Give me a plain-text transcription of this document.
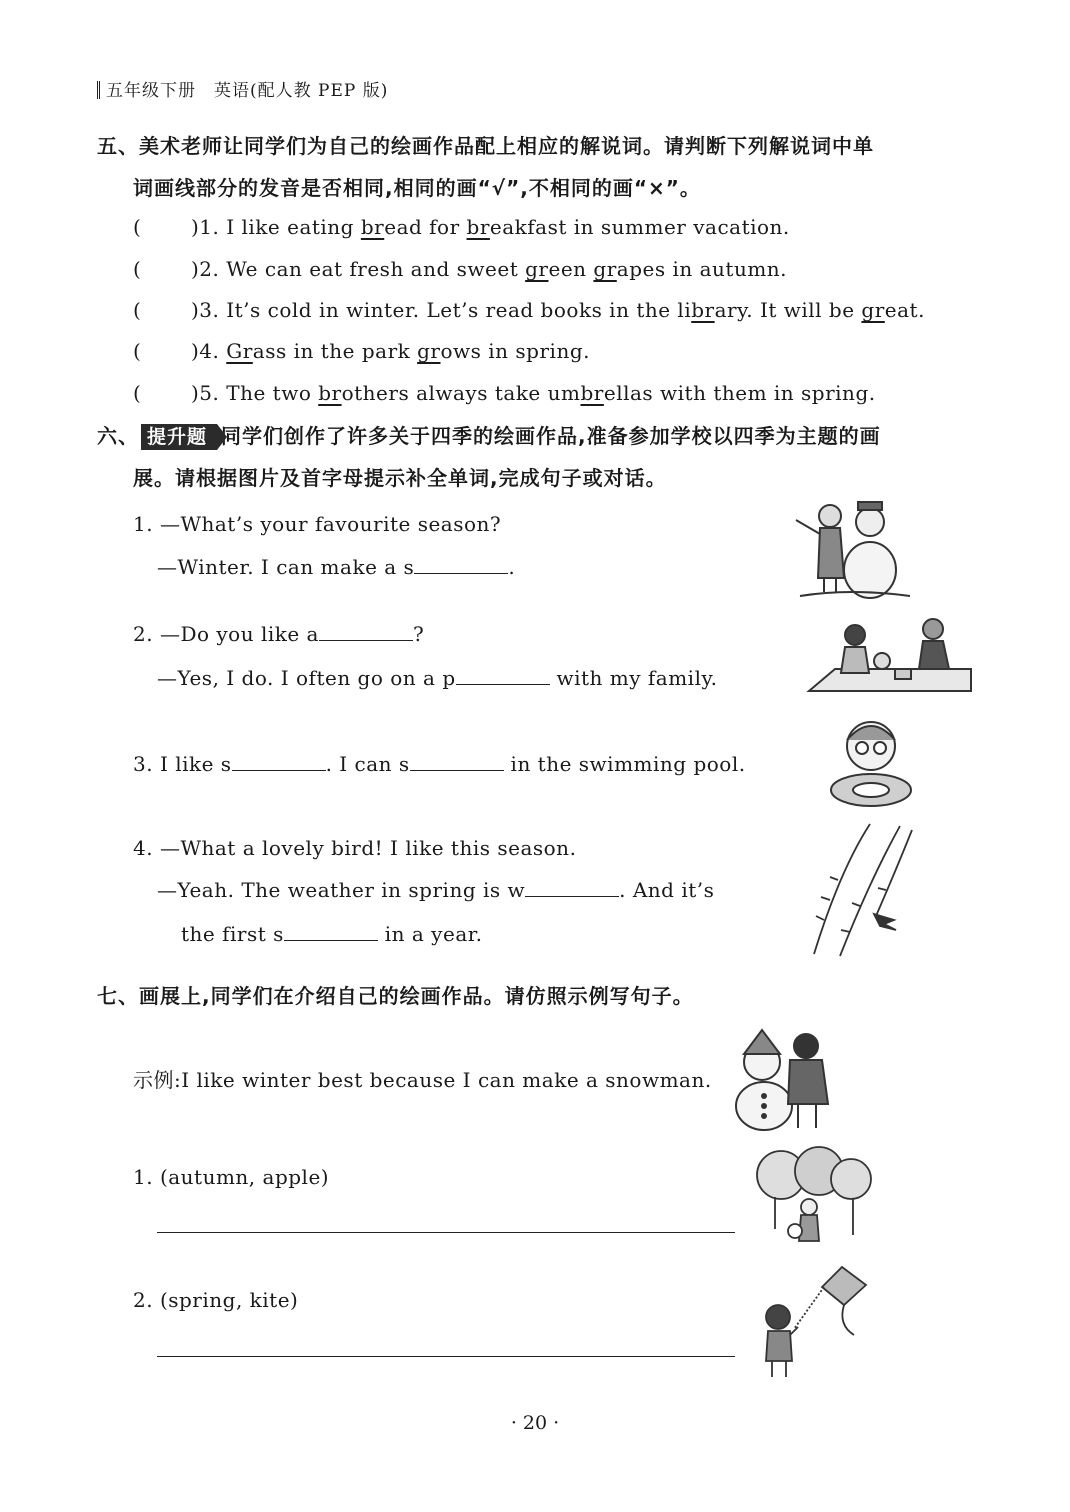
五年级下册　英语(配人教 PEP 版)
五、美术老师让同学们为自己的绘画作品配上相应的解说词。请判断下列解说词中单
词画线部分的发音是否相同,相同的画“√”,不相同的画“×”。
( )1. I like eating bread for breakfast in summer vacation.
( )2. We can eat fresh and sweet green grapes in autumn.
( )3. It’s cold in winter. Let’s read books in the library. It will be great.
( )4. Grass in the park grows in spring.
( )5. The two brothers always take umbrellas with them in spring.
六、 提升题 同学们创作了许多关于四季的绘画作品,准备参加学校以四季为主题的画
展。请根据图片及首字母提示补全单词,完成句子或对话。
1. —What’s your favourite season?
—Winter. I can make a s	.
2. —Do you like a	?
—Yes, I do. I often go on a p	with my family.
3. I like s	. I can s	in the swimming pool.
4. —What a lovely bird! I like this season.
—Yeah. The weather in spring is w	. And it’s
the first s	in a year.
七、画展上,同学们在介绍自己的绘画作品。请仿照示例写句子。
示例:I like winter best because I can make a snowman.
1. (autumn, apple)
2. (spring, kite)
· 20 ·
